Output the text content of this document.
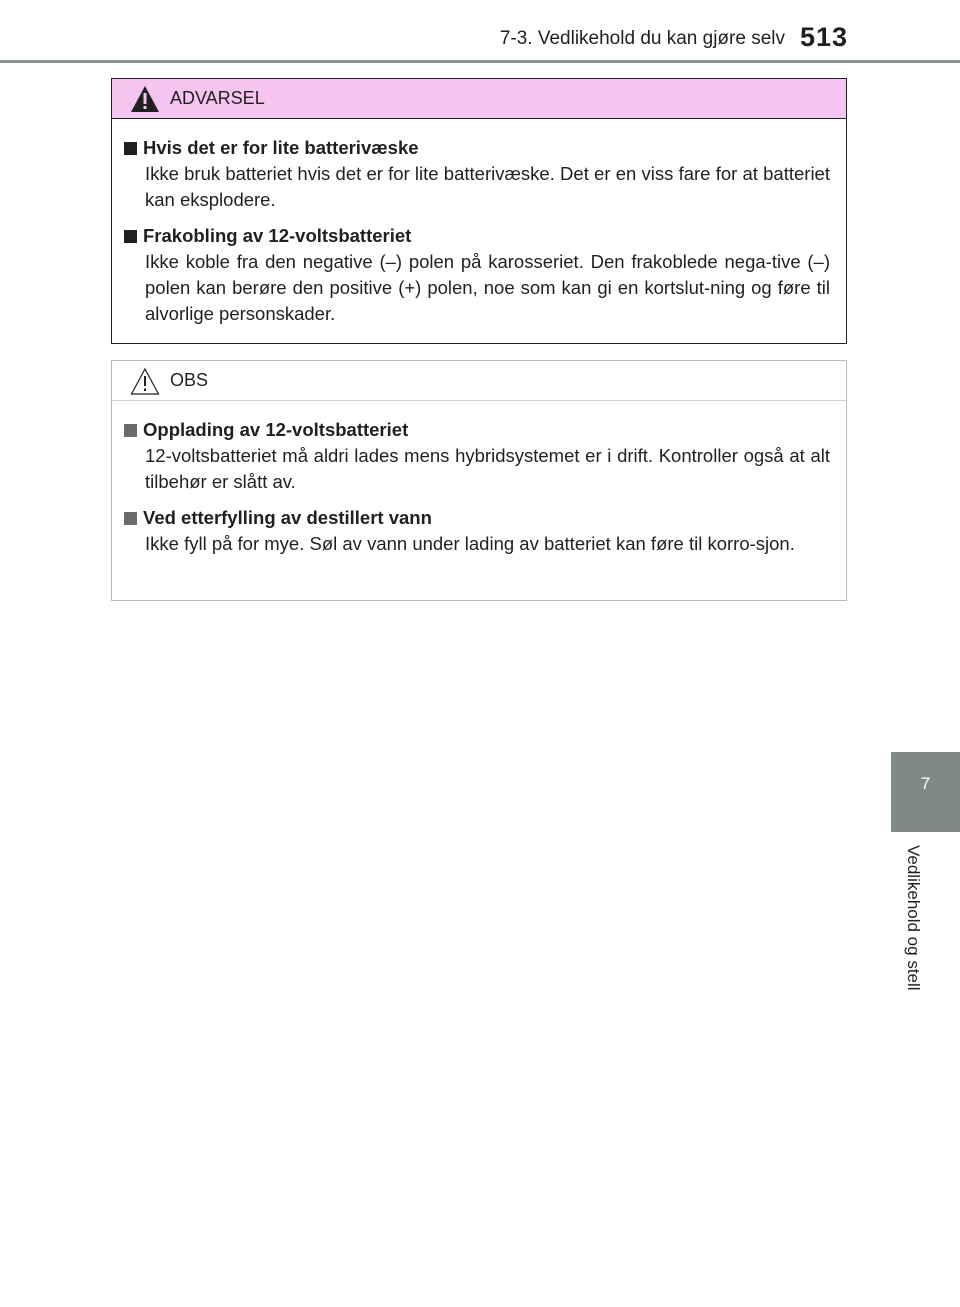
7-3. Vedlikehold du kan gjøre selv 513
7
Vedlikehold og stell
ADVARSEL
Hvis det er for lite batterivæske
Ikke bruk batteriet hvis det er for lite batterivæske. Det er en viss fare for at batteriet kan eksplodere.
Frakobling av 12-voltsbatteriet
Ikke koble fra den negative (–) polen på karosseriet. Den frakoblede nega-tive (–) polen kan berøre den positive (+) polen, noe som kan gi en kortslut-ning og føre til alvorlige personskader.
OBS
Opplading av 12-voltsbatteriet
12-voltsbatteriet må aldri lades mens hybridsystemet er i drift. Kontroller også at alt tilbehør er slått av.
Ved etterfylling av destillert vann
Ikke fyll på for mye. Søl av vann under lading av batteriet kan føre til korro-sjon.
